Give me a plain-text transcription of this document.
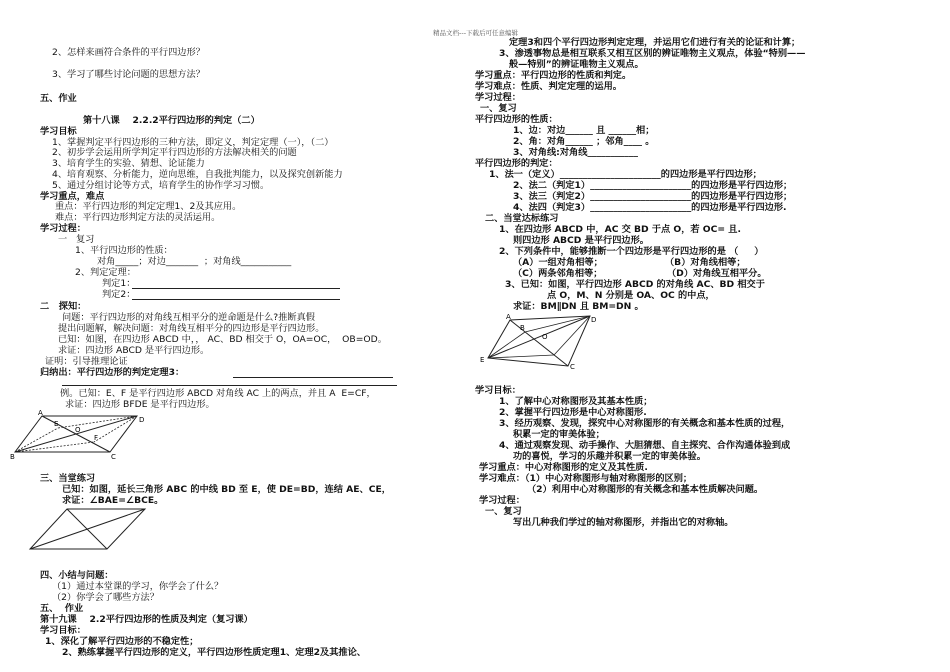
精品文档---下载后可任意编辑
2、怎样来画符合条件的平行四边形？
3、学习了哪些讨论问题的思想方法？
五、作业
第十八课    2.2.2平行四边形的判定（二）
学习目标
1、掌握判定平行四边形的三种方法，即定义，判定定理（一），（二）
2、初步学会运用所学判定平行四边形的方法解决相关的问题
3、培育学生的实验、猜想、论证能力
4、培育观察、分析能力，逆向思维，自我批判能力，以及探究创新能力
5、通过分组讨论等方式，培育学生的协作学习习惯。
学习重点，难点
重点：平行四边形的判定定理1、2及其应用。
难点：平行四边形判定方法的灵活运用。
学习过程：
一   复习
1、平行四边形的性质：
对角_____；对边_______  ；对角线___________
2、判定定理：
判定1：
判定2：
二   探知：
问题：平行四边形的对角线互相平分的逆命题是什么?推断真假
提出问题解，解决问题：对角线互相平分的四边形是平行四边形。
已知：如图，在四边形 ABCD 中，， AC、BD 相交于 O，OA=OC，  OB=OD。
求证：四边形 ABCD 是平行四边形。
证明：引导推理论证
归纳出：平行四边形的判定定理3：
例。已知：E、F 是平行四边形 ABCD 对角线 AC 上的两点，并且 A  E=CF，
求证：四边形 BFDE 是平行四边形。
A
D
B	C
E
F
O
三、当堂练习
已知：如图，延长三角形 ABC 的中线 BD 至 E，使 DE=BD，连结 AE、CE，
求证：∠BAE=∠BCE。
四、小结与问题：
（1）通过本堂课的学习，你学会了什么？
（2）你学会了哪些方法？
五、  作业
第十九课    2.2平行四边形的性质及判定（复习课）
学习目标：
1、深化了解平行四边形的不稳定性；
2、熟练掌握平行四边形的定义，平行四边形性质定理1、定理2及其推论、
定理3和四个平行四边形判定定理，并运用它们进行有关的论证和计算；
3、渗透事物总是相互联系又相互区别的辨证唯物主义观点，体验“特别——
般—特别”的辨证唯物主义观点。
学习重点：平行四边形的性质和判定。
学习难点：性质、判定定理的运用。
学习过程：
一、复习
平行四边形的性质：
1、边：对边______ 且 ______相；
2、角：对角______ ；邻角____ 。
3、对角线:对角线___________
平行四边形的判定：
1、法一（定义）______________________的四边形是平行四边形；
2、法二（判定1）______________________的四边形是平行四边形；
3、法三（判定2）______________________的四边形是平行四边形；
4、法四（判定3）______________________的四边形是平行四边形.
二、当堂达标练习
1、在四边形 ABCD 中，AC 交 BD 于点 O，若 OC= 且.
则四边形 ABCD 是平行四边形。
2、下列条件中，能够推断一个四边形是平行四边形的是 （     ）
（A）一组对角相等；	（B）对角线相等；
（C）两条邻角相等；	（D）对角线互相平分。
3、已知：如图，平行四边形 ABCD 的对角线 AC、BD 相交于
点 O，M、N 分别是 OA、OC 的中点，
求证：BM∥DN 且 BM=DN 。
A	D
E
C
O
B
学习目标：
1、了解中心对称图形及其基本性质；
2、掌握平行四边形是中心对称图形.
3、经历观察、发现，探究中心对称图形的有关概念和基本性质的过程，
积累一定的审美体验；
4、通过观察发现、动手操作、大胆猜想、自主探究、合作沟通体验到成
功的喜悦，学习的乐趣并积累一定的审美体验。
学习重点：中心对称图形的定义及其性质.
学习难点：（1）中心对称图形与轴对称图形的区别；
（2）利用中心对称图形的有关概念和基本性质解决问题。
学习过程：
一、复习
写出几种我们学过的轴对称图形，并指出它的对称轴。
